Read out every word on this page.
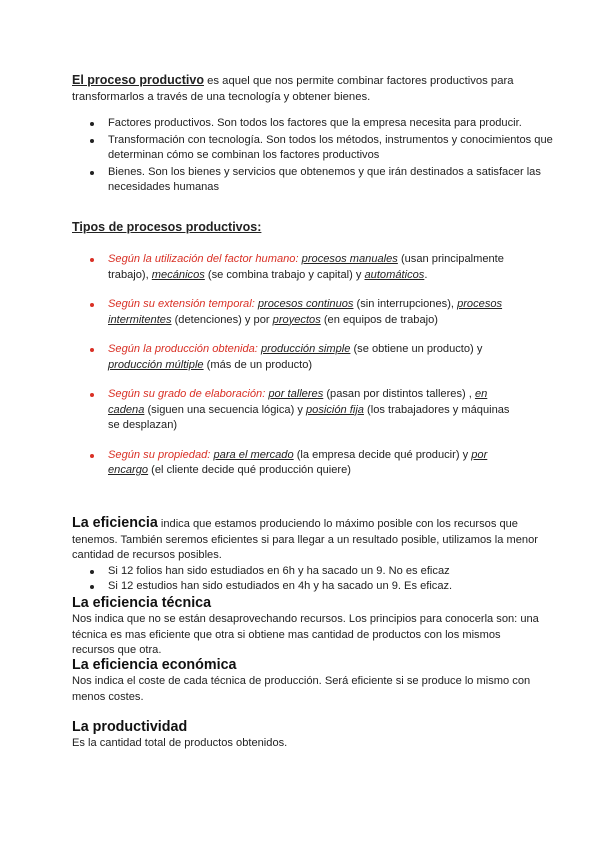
El proceso productivo es aquel que nos permite combinar factores productivos para transformarlos a través de una tecnología y obtener bienes.

Factores productivos. Son todos los factores que la empresa necesita para producir.
Transformación con tecnología. Son todos los métodos, instrumentos y conocimientos que determinan cómo se combinan los factores productivos
Bienes. Son los bienes y servicios que obtenemos y que irán destinados a satisfacer las necesidades humanas

Tipos de procesos productivos:

Según la utilización del factor humano: procesos manuales (usan principalmente trabajo), mecánicos (se combina trabajo y capital) y automáticos.
Según su extensión temporal: procesos continuos (sin interrupciones), procesos intermitentes (detenciones) y por proyectos (en equipos de trabajo)
Según la producción obtenida: producción simple (se obtiene un producto) y producción múltiple (más de un producto)
Según su grado de elaboración: por talleres (pasan por distintos talleres) , en cadena (siguen una secuencia lógica) y posición fija (los trabajadores y máquinas se desplazan)
Según su propiedad: para el mercado (la empresa decide qué producir) y por encargo (el cliente decide qué producción quiere)

La eficiencia indica que estamos produciendo lo máximo posible con los recursos que tenemos. También seremos eficientes si para llegar a un resultado posible, utilizamos la menor cantidad de recursos posibles.

Si 12 folios han sido estudiados en 6h y ha sacado un 9. No es eficaz
Si 12 estudios han sido estudiados en 4h y ha sacado un 9. Es eficaz.

La eficiencia técnica

Nos indica que no se están desaprovechando recursos. Los principios para conocerla son: una técnica es mas eficiente que otra si obtiene mas cantidad de productos con los mismos recursos que otra.

La eficiencia económica

Nos indica el coste de cada técnica de producción. Será eficiente si se produce lo mismo con menos costes.

La productividad

Es la cantidad total de productos obtenidos.
